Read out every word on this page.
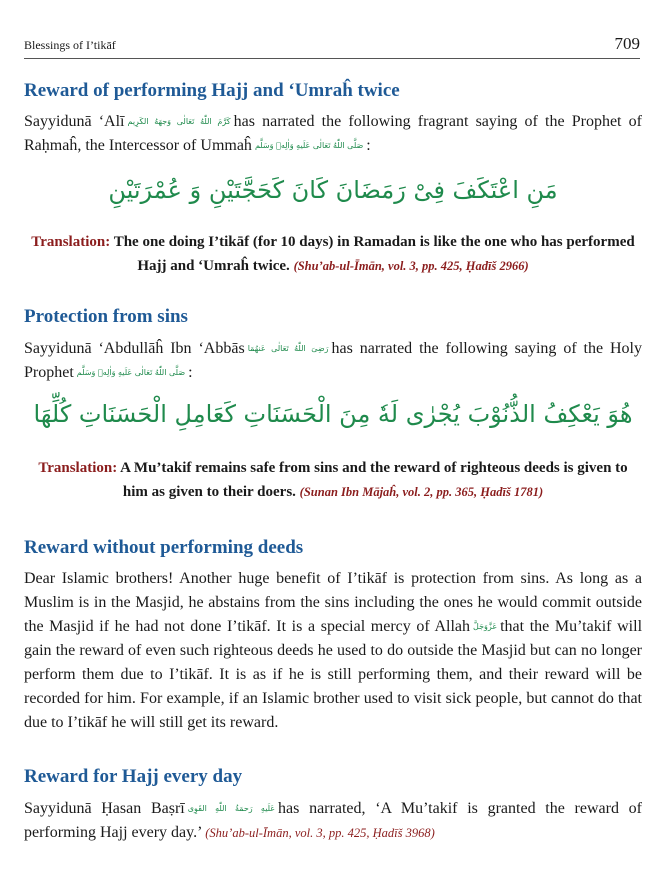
Blessings of I’tikāf	709
Reward of performing Hajj and ‘Umraĥ twice
Sayyidunā ‘Alī كَرَّمَ اللّٰهُ تَعَالٰی وَجهَهُ الكَرِيم has narrated the following fragrant saying of the Prophet of Raḥmaĥ, the Intercessor of Ummaĥ صَلَّی اللّٰهُ تَعَالٰی عَلَيهِ وَاٰلِهٖ وَسَلَّم :
مَنِ اعْتَكَفَ فِیْ رَمَضَانَ كَانَ كَحَجَّتَيْنِ وَ عُمْرَتَيْنِ
Translation: The one doing I’tikāf (for 10 days) in Ramadan is like the one who has performed Hajj and ‘Umraĥ twice. (Shu’ab-ul-Īmān, vol. 3, pp. 425, Ḥadīš 2966)
Protection from sins
Sayyidunā ‘Abdullāĥ Ibn ‘Abbās رَضِیَ اللّٰهُ تَعَالٰی عَنهُمَا has narrated the following saying of the Holy Prophet صَلَّی اللّٰهُ تَعَالٰی عَلَيهِ وَاٰلِهٖ وَسَلَّم :
هُوَ يَعْكِفُ الذُّنُوْبَ يُجْرٰى لَهٗ مِنَ الْحَسَنَاتِ كَعَامِلِ الْحَسَنَاتِ كُلِّهَا
Translation: A Mu’takif remains safe from sins and the reward of righteous deeds is given to him as given to their doers. (Sunan Ibn Mājaĥ, vol. 2, pp. 365, Ḥadīš 1781)
Reward without performing deeds
Dear Islamic brothers! Another huge benefit of I’tikāf is protection from sins. As long as a Muslim is in the Masjid, he abstains from the sins including the ones he would commit outside the Masjid if he had not done I’tikāf. It is a special mercy of Allah عَزَّوَجَلَّ that the Mu’takif will gain the reward of even such righteous deeds he used to do outside the Masjid but can no longer perform them due to I’tikāf. It is as if he is still performing them, and their reward will be recorded for him. For example, if an Islamic brother used to visit sick people, but cannot do that due to I’tikāf he will still get its reward.
Reward for Hajj every day
Sayyidunā Ḥasan Baṣrī عَلَيهِ رَحمَةُ اللّٰهِ القَوِی has narrated, ‘A Mu’takif is granted the reward of performing Hajj every day.’ (Shu’ab-ul-Īmān, vol. 3, pp. 425, Ḥadīš 3968)
